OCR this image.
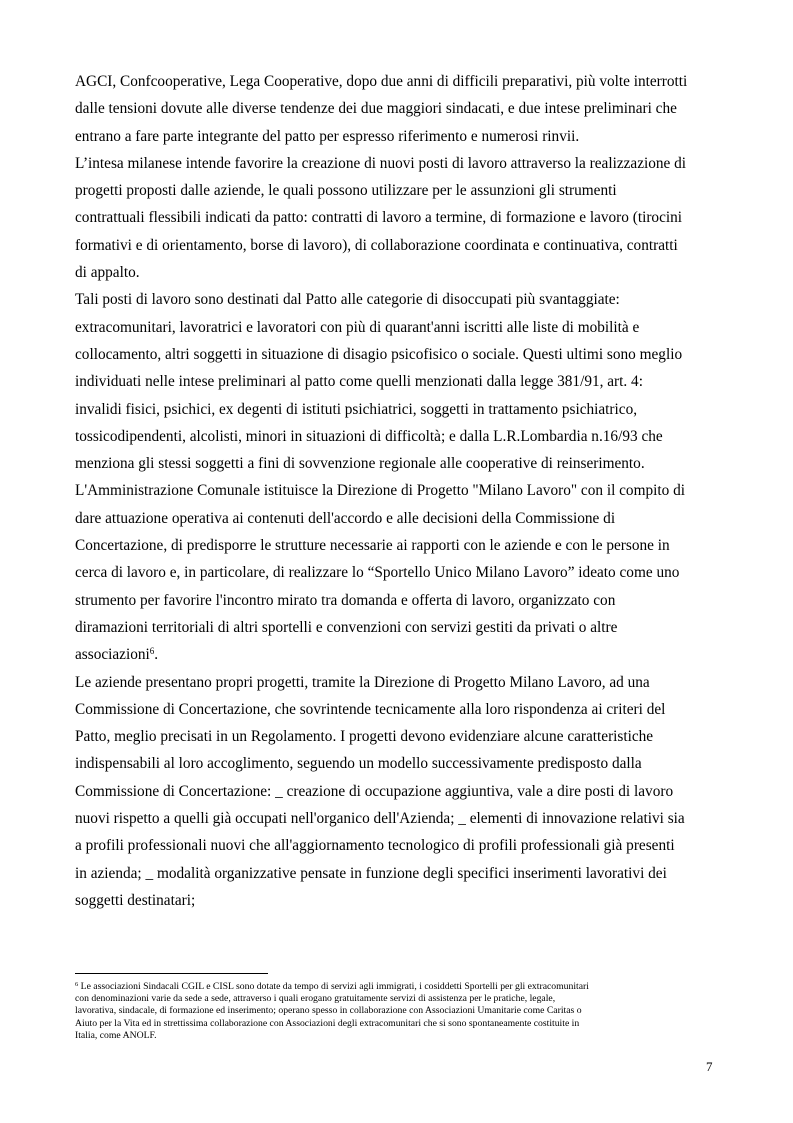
AGCI, Confcooperative, Lega Cooperative, dopo due anni di difficili preparativi, più volte interrotti

dalle tensioni dovute alle diverse tendenze dei due maggiori sindacati, e due intese preliminari che

entrano a fare parte integrante del patto per espresso riferimento e numerosi rinvii.

L’intesa milanese intende favorire la creazione di nuovi posti di lavoro attraverso la realizzazione di

progetti proposti dalle aziende, le quali possono utilizzare per le assunzioni gli strumenti

contrattuali flessibili indicati da patto: contratti di lavoro a termine, di formazione e lavoro (tirocini

formativi e di orientamento, borse di lavoro), di collaborazione coordinata e continuativa, contratti

di appalto.

Tali posti di lavoro sono destinati dal Patto alle categorie di disoccupati più svantaggiate:

extracomunitari, lavoratrici e lavoratori con più di quarant'anni iscritti alle liste di mobilità e

collocamento, altri soggetti in situazione di disagio psicofisico o sociale. Questi ultimi sono meglio

individuati nelle intese preliminari al patto come quelli menzionati dalla legge 381/91, art. 4:

invalidi fisici, psichici, ex degenti di istituti psichiatrici, soggetti in trattamento psichiatrico,

tossicodipendenti, alcolisti, minori in situazioni di difficoltà; e dalla L.R.Lombardia n.16/93 che

menziona gli stessi soggetti a fini di sovvenzione regionale alle cooperative di reinserimento.

L'Amministrazione Comunale istituisce la Direzione di Progetto "Milano Lavoro" con il compito di

dare attuazione operativa ai contenuti dell'accordo e alle decisioni della Commissione di

Concertazione, di predisporre le strutture necessarie ai rapporti con le aziende e con le persone in

cerca di lavoro e, in particolare, di realizzare lo “Sportello Unico Milano Lavoro” ideato come uno

strumento per favorire l'incontro mirato tra domanda e offerta di lavoro, organizzato con

diramazioni territoriali di altri sportelli e convenzioni con servizi gestiti da privati o altre

associazioni$^6$.

Le aziende presentano propri progetti, tramite la Direzione di Progetto Milano Lavoro, ad una

Commissione di Concertazione, che sovrintende tecnicamente alla loro rispondenza ai criteri del

Patto, meglio precisati in un Regolamento. I progetti devono evidenziare alcune caratteristiche

indispensabili al loro accoglimento, seguendo un modello successivamente predisposto dalla

Commissione di Concertazione: _ creazione di occupazione aggiuntiva, vale a dire posti di lavoro

nuovi rispetto a quelli già occupati nell'organico dell'Azienda; _ elementi di innovazione relativi sia

a profili professionali nuovi che all'aggiornamento tecnologico di profili professionali già presenti

in azienda; _ modalità organizzative pensate in funzione degli specifici inserimenti lavorativi dei

soggetti destinatari;

$^6$ Le associazioni Sindacali CGIL e CISL sono dotate da tempo di servizi agli immigrati, i cosiddetti Sportelli per gli extracomunitari

con denominazioni varie da sede a sede, attraverso i quali erogano gratuitamente servizi di assistenza per le pratiche, legale,

lavorativa, sindacale, di formazione ed inserimento; operano spesso in collaborazione con Associazioni Umanitarie come Caritas o

Aiuto per la Vita ed in strettissima collaborazione con Associazioni degli extracomunitari che si sono spontaneamente costituite in

Italia, come ANOLF.

7
